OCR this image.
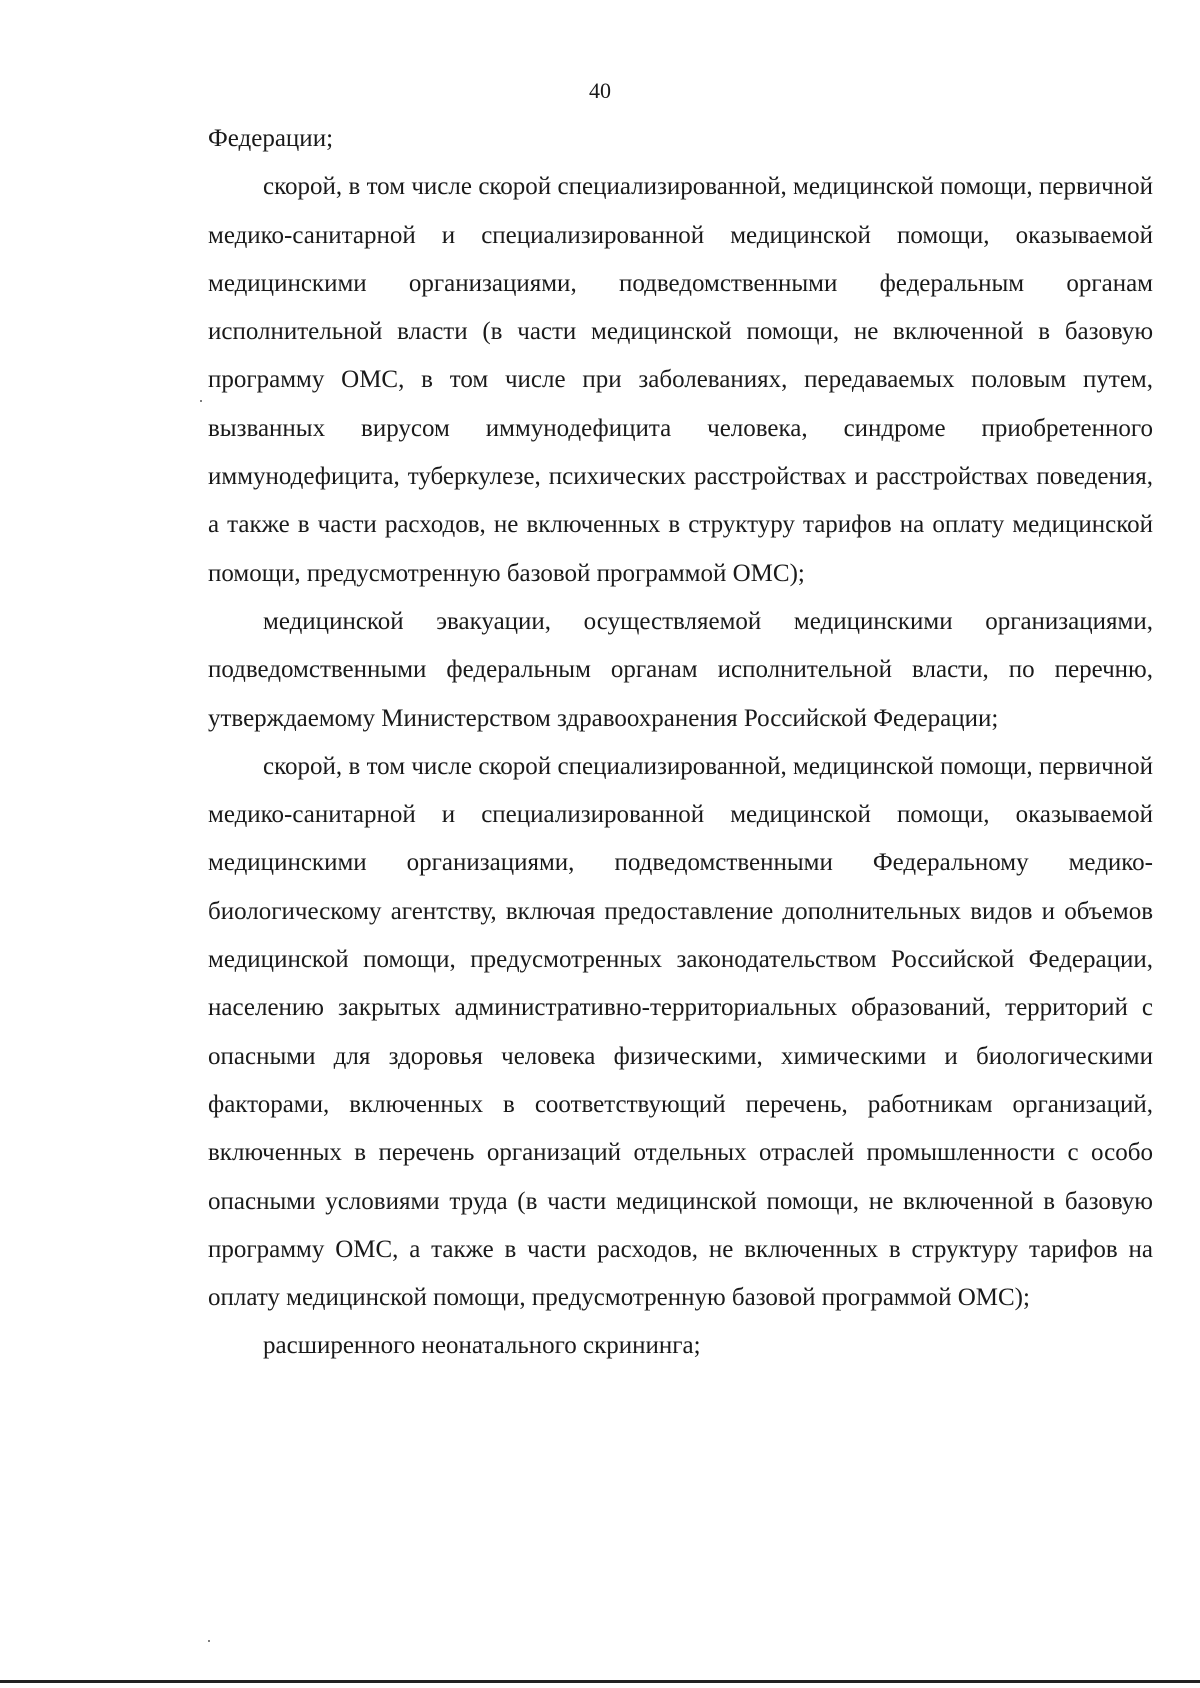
40

Федерации;

скорой, в том числе скорой специализированной, медицинской помощи, первичной медико-санитарной и специализированной медицинской помощи, оказываемой медицинскими организациями, подведомственными федеральным органам исполнительной власти (в части медицинской помощи, не включенной в базовую программу ОМС, в том числе при заболеваниях, передаваемых половым путем, вызванных вирусом иммунодефицита человека, синдроме приобретенного иммунодефицита, туберкулезе, психических расстройствах и расстройствах поведения, а также в части расходов, не включенных в структуру тарифов на оплату медицинской помощи, предусмотренную базовой программой ОМС);

медицинской эвакуации, осуществляемой медицинскими организациями, подведомственными федеральным органам исполнительной власти, по перечню, утверждаемому Министерством здравоохранения Российской Федерации;

скорой, в том числе скорой специализированной, медицинской помощи, первичной медико-санитарной и специализированной медицинской помощи, оказываемой медицинскими организациями, подведомственными Федеральному медико-биологическому агентству, включая предоставление дополнительных видов и объемов медицинской помощи, предусмотренных законодательством Российской Федерации, населению закрытых административно-территориальных образований, территорий с опасными для здоровья человека физическими, химическими и биологическими факторами, включенных в соответствующий перечень, работникам организаций, включенных в перечень организаций отдельных отраслей промышленности с особо опасными условиями труда (в части медицинской помощи, не включенной в базовую программу ОМС, а также в части расходов, не включенных в структуру тарифов на оплату медицинской помощи, предусмотренную базовой программой ОМС);

расширенного неонатального скрининга;
